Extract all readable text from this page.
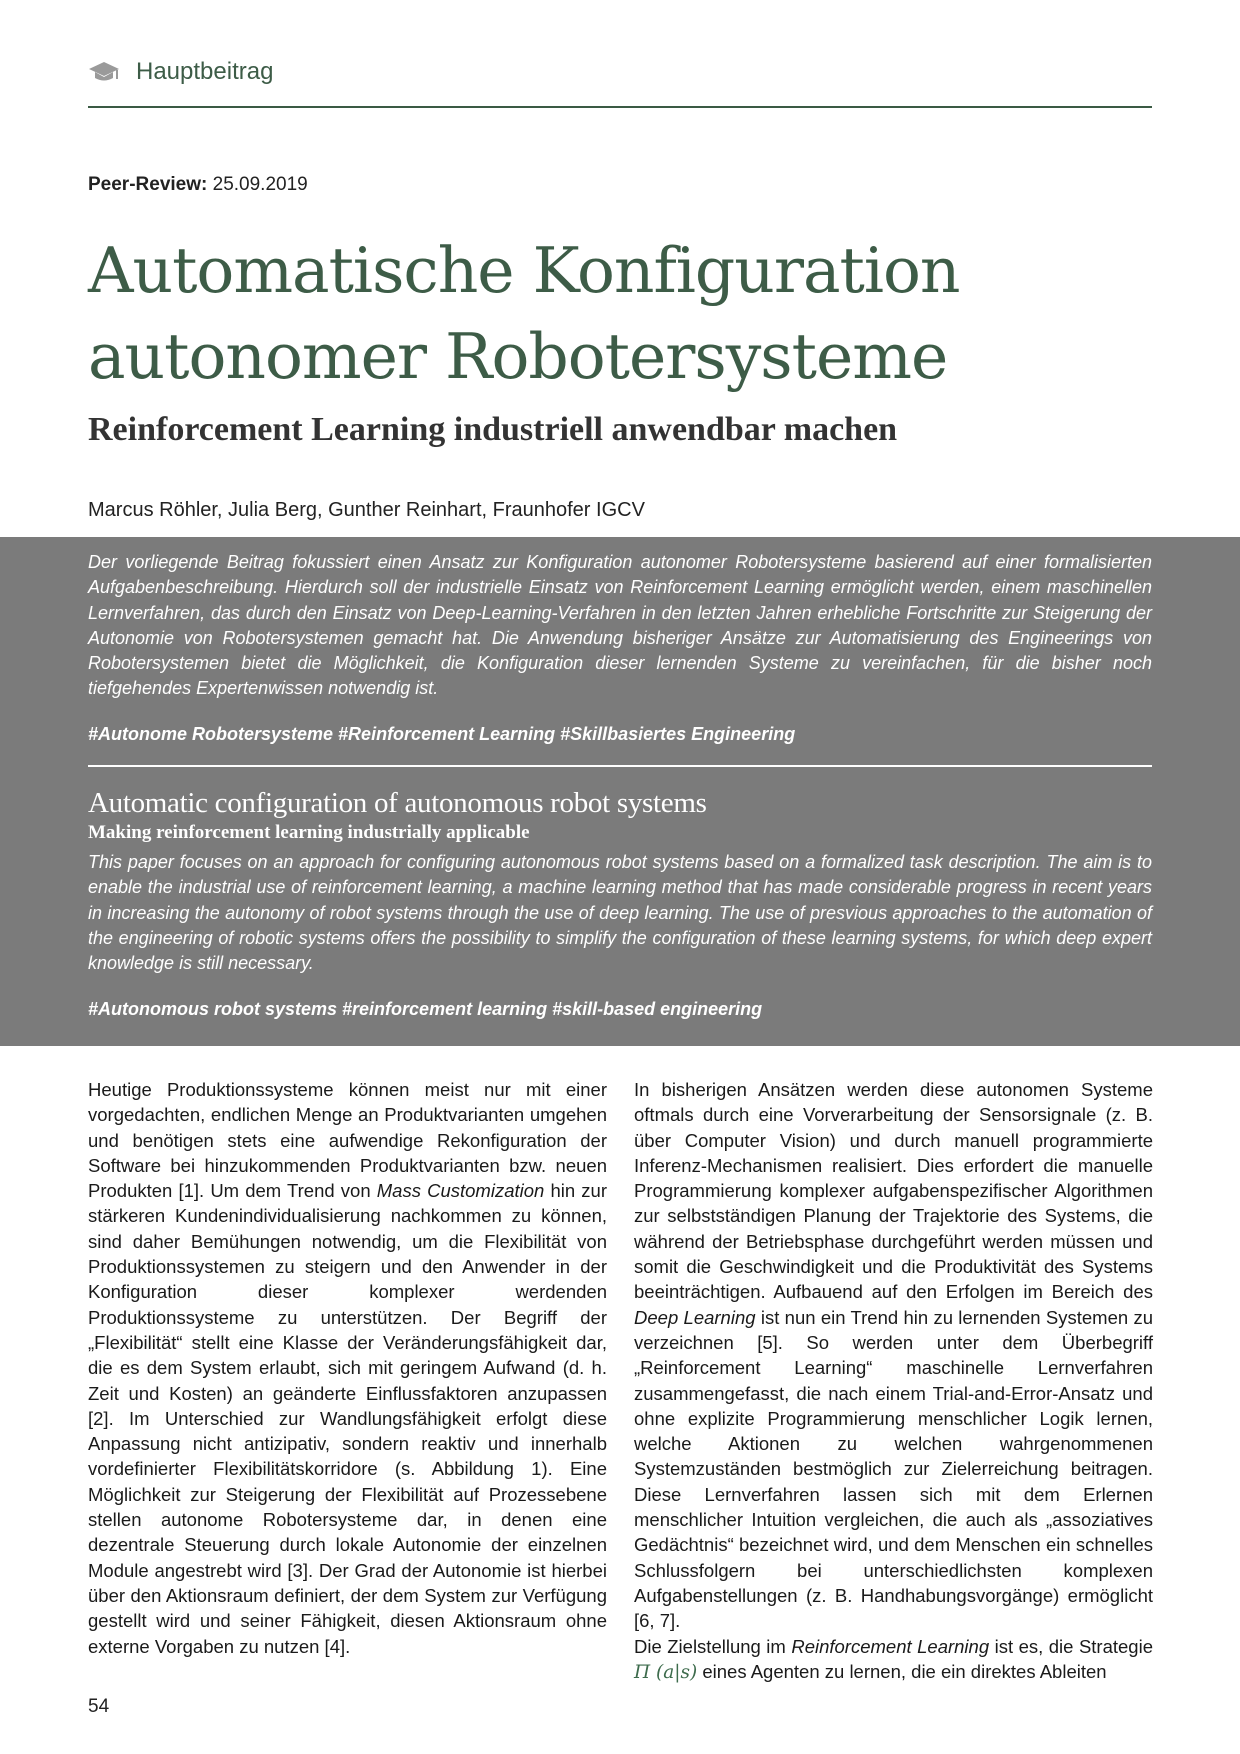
Hauptbeitrag
Peer-Review: 25.09.2019
Automatische Konfiguration
autonomer Robotersysteme
Reinforcement Learning industriell anwendbar machen
Marcus Röhler, Julia Berg, Gunther Reinhart, Fraunhofer IGCV

Der vorliegende Beitrag fokussiert einen Ansatz zur Konfiguration autonomer Robotersysteme basierend auf einer formalisierten Aufgabenbeschreibung. Hierdurch soll der industrielle Einsatz von Reinforcement Learning ermöglicht werden, einem maschinellen Lernverfahren, das durch den Einsatz von Deep-Learning-Verfahren in den letzten Jahren erhebliche Fortschritte zur Steigerung der Autonomie von Robotersystemen gemacht hat. Die Anwendung bisheriger Ansätze zur Automatisierung des Engineerings von Robotersystemen bietet die Möglichkeit, die Konfiguration dieser lernenden Systeme zu vereinfachen, für die bisher noch tiefgehendes Expertenwissen notwendig ist.

#Autonome Robotersysteme #Reinforcement Learning #Skillbasiertes Engineering
Automatic configuration of autonomous robot systems
Making reinforcement learning industrially applicable

This paper focuses on an approach for configuring autonomous robot systems based on a formalized task description. The aim is to enable the industrial use of reinforcement learning, a machine learning method that has made considerable progress in recent years in increasing the autonomy of robot systems through the use of deep learning. The use of presvious approaches to the automation of the engineering of robotic systems offers the possibility to simplify the configuration of these learning systems, for which deep expert knowledge is still necessary.

#Autonomous robot systems #reinforcement learning #skill-based engineering

Heutige Produktionssysteme können meist nur mit einer vorgedachten, endlichen Menge an Produktvarianten umgehen und benötigen stets eine aufwendige Rekonfiguration der Software bei hinzukommenden Produktvarianten bzw. neuen Produkten [1]. Um dem Trend von Mass Customization hin zur stärkeren Kundenindividualisierung nachkommen zu können, sind daher Bemühungen notwendig, um die Flexibilität von Produktionssystemen zu steigern und den Anwender in der Konfiguration dieser komplexer werdenden Produktionssysteme zu unterstützen. Der Begriff der „Flexibilität“ stellt eine Klasse der Veränderungsfähigkeit dar, die es dem System erlaubt, sich mit geringem Aufwand (d. h. Zeit und Kosten) an geänderte Einflussfaktoren anzupassen [2]. Im Unterschied zur Wandlungsfähigkeit erfolgt diese Anpassung nicht antizipativ, sondern reaktiv und innerhalb vordefinierter Flexibilitätskorridore (s. Abbildung 1). Eine Möglichkeit zur Steigerung der Flexibilität auf Prozessebene stellen autonome Robotersysteme dar, in denen eine dezentrale Steuerung durch lokale Autonomie der einzelnen Module angestrebt wird [3]. Der Grad der Autonomie ist hierbei über den Aktionsraum definiert, der dem System zur Verfügung gestellt wird und seiner Fähigkeit, diesen Aktionsraum ohne externe Vorgaben zu nutzen [4].

In bisherigen Ansätzen werden diese autonomen Systeme oftmals durch eine Vorverarbeitung der Sensorsignale (z. B. über Computer Vision) und durch manuell programmierte Inferenz-Mechanismen realisiert. Dies erfordert die manuelle Programmierung komplexer aufgabenspezifischer Algorithmen zur selbstständigen Planung der Trajektorie des Systems, die während der Betriebsphase durchgeführt werden müssen und somit die Geschwindigkeit und die Produktivität des Systems beeinträchtigen. Aufbauend auf den Erfolgen im Bereich des Deep Learning ist nun ein Trend hin zu lernenden Systemen zu verzeichnen [5]. So werden unter dem Überbegriff „Reinforcement Learning“ maschinelle Lernverfahren zusammengefasst, die nach einem Trial-and-Error-Ansatz und ohne explizite Programmierung menschlicher Logik lernen, welche Aktionen zu welchen wahrgenommenen Systemzuständen bestmöglich zur Zielerreichung beitragen. Diese Lernverfahren lassen sich mit dem Erlernen menschlicher Intuition vergleichen, die auch als „assoziatives Gedächtnis“ bezeichnet wird, und dem Menschen ein schnelles Schlussfolgern bei unterschiedlichsten komplexen Aufgabenstellungen (z. B. Handhabungsvorgänge) ermöglicht [6, 7].

Die Zielstellung im Reinforcement Learning ist es, die Strategie Π (a|s) eines Agenten zu lernen, die ein direktes Ableiten

54
